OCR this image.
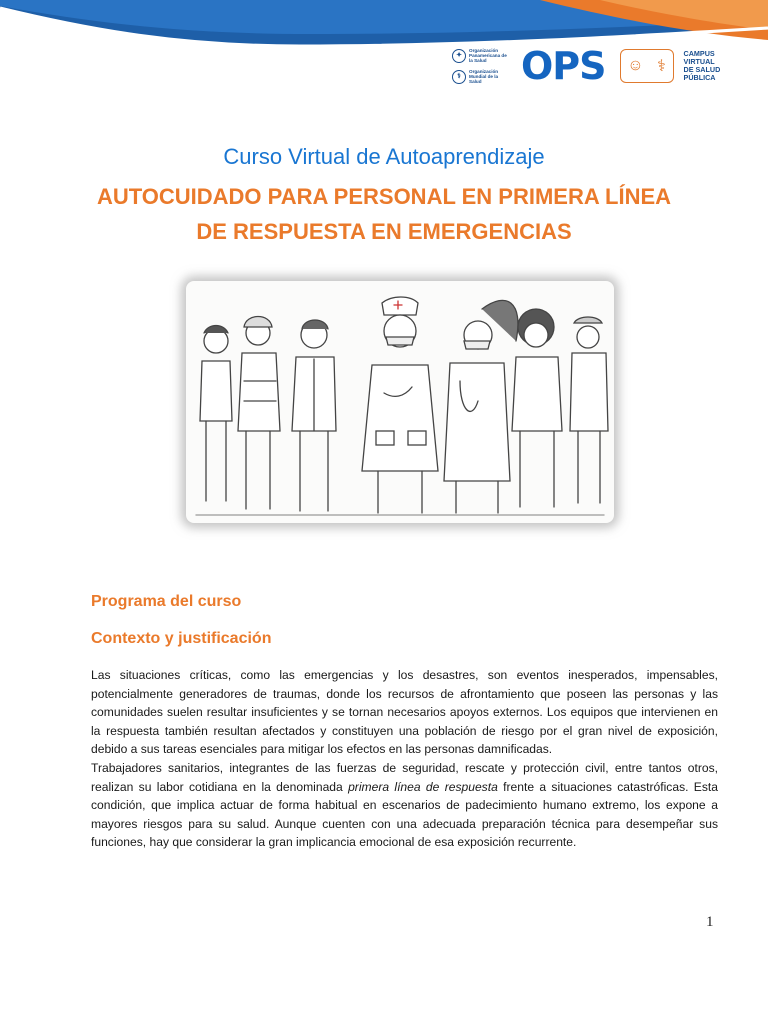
✦
Organización Panamericana de la Salud
⚕
Organización Mundial de la Salud	OPS ☺ ⚕
CAMPUS
VIRTUAL
DE SALUD
PÚBLICA
Curso Virtual de Autoaprendizaje
AUTOCUIDADO PARA PERSONAL EN PRIMERA LÍNEA
DE RESPUESTA EN EMERGENCIAS
Programa del curso
Contexto y justificación

Las situaciones críticas, como las emergencias y los desastres, son eventos inesperados, impensables, potencialmente generadores de traumas, donde los recursos de afrontamiento que poseen las personas y las comunidades suelen resultar insuficientes y se tornan necesarios apoyos externos. Los equipos que intervienen en la respuesta también resultan afectados y constituyen una población de riesgo por el gran nivel de exposición, debido a sus tareas esenciales para mitigar los efectos en las personas damnificadas.

Trabajadores sanitarios, integrantes de las fuerzas de seguridad, rescate y protección civil, entre tantos otros, realizan su labor cotidiana en la denominada primera línea de respuesta frente a situaciones catastróficas. Esta condición, que implica actuar de forma habitual en escenarios de padecimiento humano extremo, los expone a mayores riesgos para su salud. Aunque cuenten con una adecuada preparación técnica para desempeñar sus funciones, hay que considerar la gran implicancia emocional de esa exposición recurrente.

1
